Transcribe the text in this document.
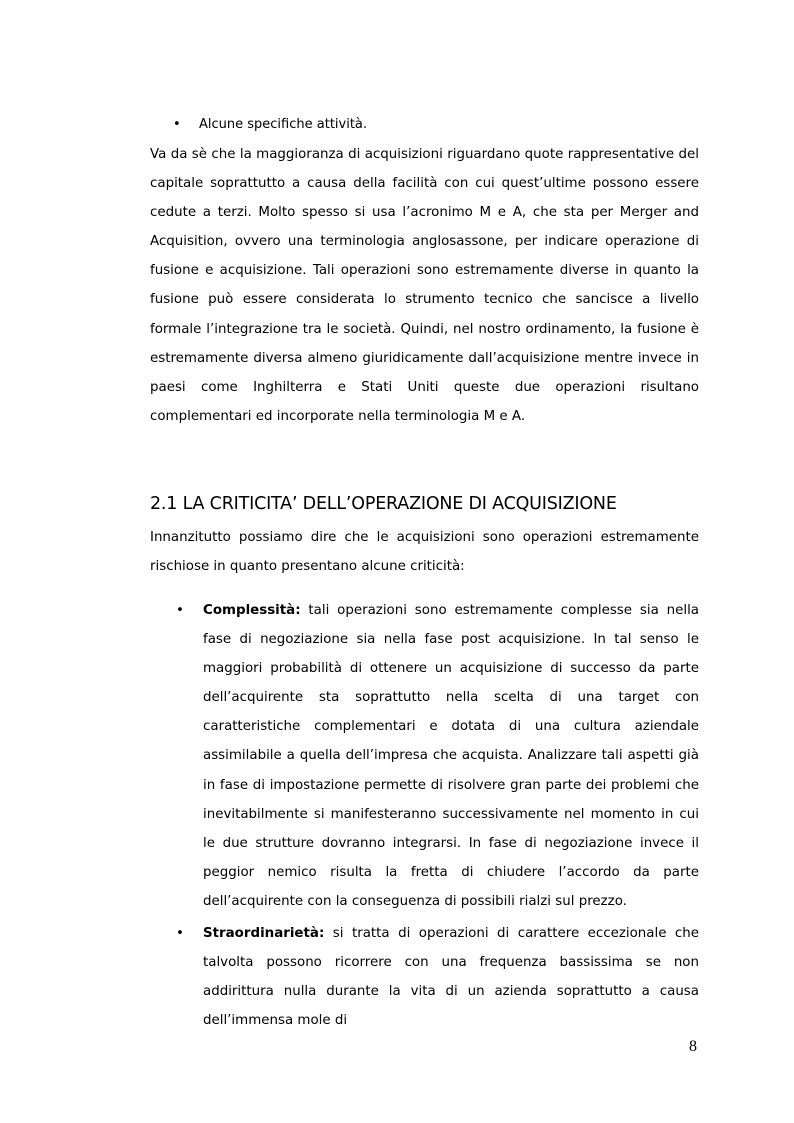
• Alcune specifiche attività.

Va da sè che la maggioranza di acquisizioni riguardano quote rappresentative del capitale soprattutto a causa della facilità con cui quest’ultime possono essere cedute a terzi. Molto spesso si usa l’acronimo M e A, che sta per Merger and Acquisition, ovvero una terminologia anglosassone, per indicare operazione di fusione e acquisizione. Tali operazioni sono estremamente diverse in quanto la fusione può essere considerata lo strumento tecnico che sancisce a livello formale l’integrazione tra le società. Quindi, nel nostro ordinamento, la fusione è estremamente diversa almeno giuridicamente dall’acquisizione mentre invece in paesi come Inghilterra e Stati Uniti queste due operazioni risultano complementari ed incorporate nella terminologia M e A.

2.1 LA CRITICITA’ DELL’OPERAZIONE DI ACQUISIZIONE

Innanzitutto possiamo dire che le acquisizioni sono operazioni estremamente rischiose in quanto presentano alcune criticità:

• Complessità: tali operazioni sono estremamente complesse sia nella fase di negoziazione sia nella fase post acquisizione. In tal senso le maggiori probabilità di ottenere un acquisizione di successo da parte dell’acquirente sta soprattutto nella scelta di una target con caratteristiche complementari e dotata di una cultura aziendale assimilabile a quella dell’impresa che acquista. Analizzare tali aspetti già in fase di impostazione permette di risolvere gran parte dei problemi che inevitabilmente si manifesteranno successivamente nel momento in cui le due strutture dovranno integrarsi. In fase di negoziazione invece il peggior nemico risulta la fretta di chiudere l’accordo da parte dell’acquirente con la conseguenza di possibili rialzi sul prezzo.
• Straordinarietà: si tratta di operazioni di carattere eccezionale che talvolta possono ricorrere con una frequenza bassissima se non addirittura nulla durante la vita di un azienda soprattutto a causa dell’immensa mole di
8
